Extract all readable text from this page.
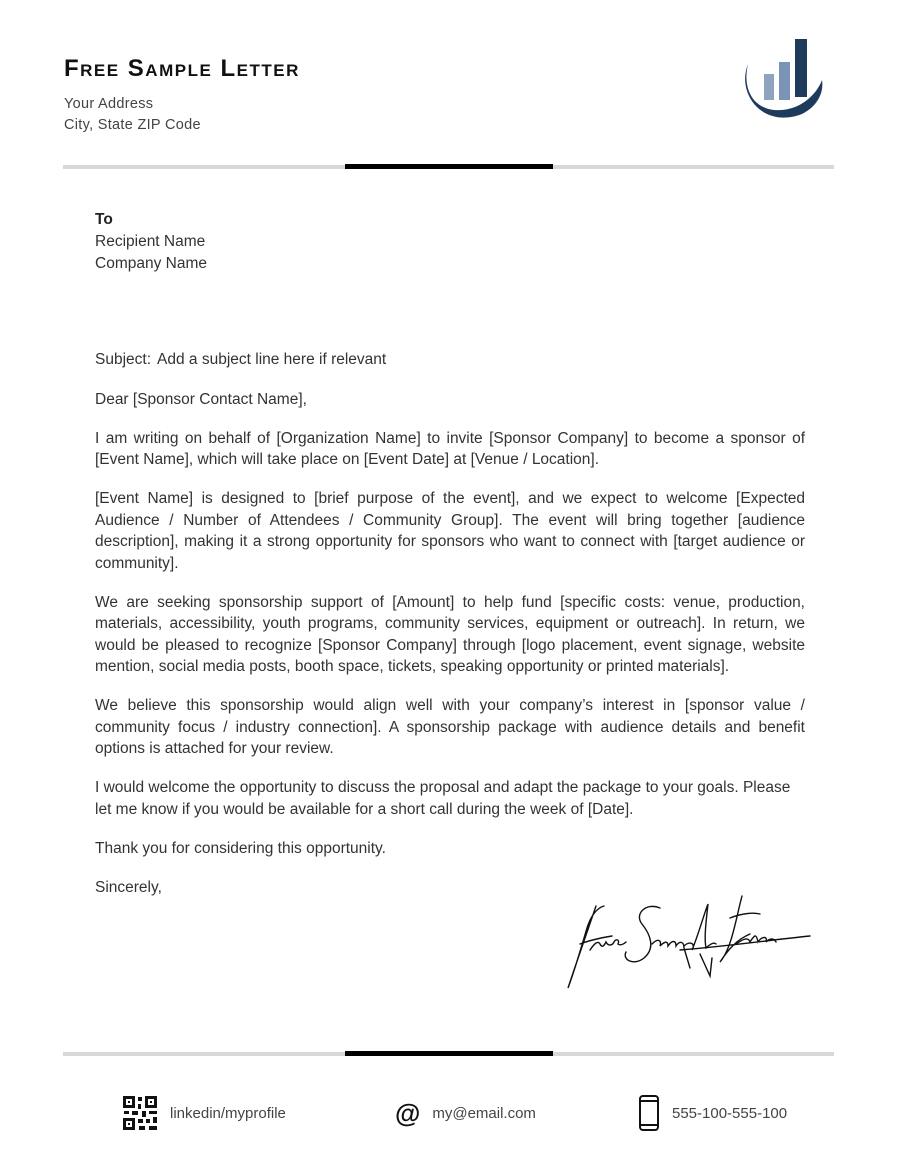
Free Sample Letter
Your Address
City, State ZIP Code
To
Recipient Name
Company Name

Subject: Add a subject line here if relevant

Dear [Sponsor Contact Name],

I am writing on behalf of [Organization Name] to invite [Sponsor Company] to become a sponsor of [Event Name], which will take place on [Event Date] at [Venue / Location].

[Event Name] is designed to [brief purpose of the event], and we expect to welcome [Expected Audience / Number of Attendees / Community Group]. The event will bring together [audience description], making it a strong opportunity for sponsors who want to connect with [target audience or community].

We are seeking sponsorship support of [Amount] to help fund [specific costs: venue, production, materials, accessibility, youth programs, community services, equipment or outreach]. In return, we would be pleased to recognize [Sponsor Company] through [logo placement, event signage, website mention, social media posts, booth space, tickets, speaking opportunity or printed materials].

We believe this sponsorship would align well with your company’s interest in [sponsor value / community focus / industry connection]. A sponsorship package with audience details and benefit options is attached for your review.

I would welcome the opportunity to discuss the proposal and adapt the package to your goals. Please let me know if you would be available for a short call during the week of [Date].

Thank you for considering this opportunity.

Sincerely,

linkedin/myprofile	@ my@email.com	555-100-555-100
